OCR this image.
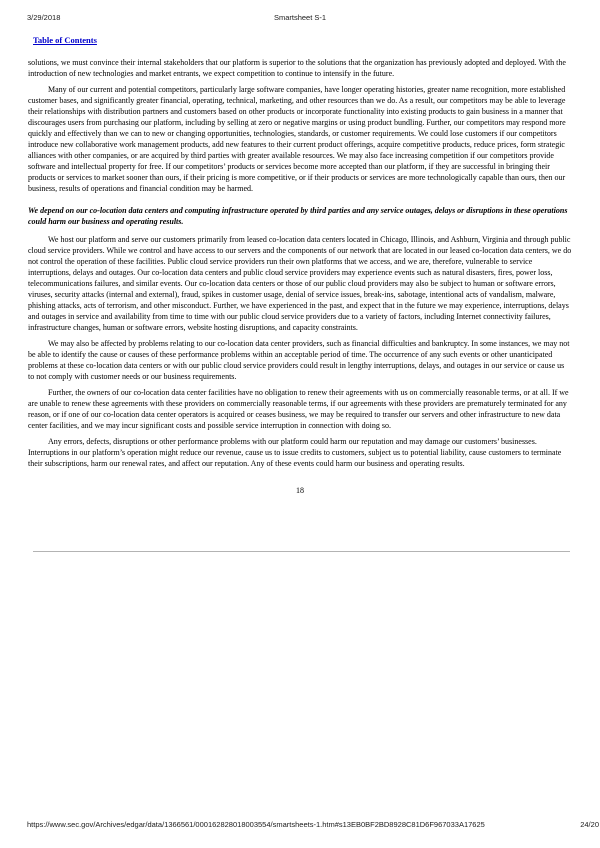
3/29/2018	Smartsheet S-1
Table of Contents

solutions, we must convince their internal stakeholders that our platform is superior to the solutions that the organization has previously adopted and deployed. With the introduction of new technologies and market entrants, we expect competition to continue to intensify in the future.

Many of our current and potential competitors, particularly large software companies, have longer operating histories, greater name recognition, more established customer bases, and significantly greater financial, operating, technical, marketing, and other resources than we do. As a result, our competitors may be able to leverage their relationships with distribution partners and customers based on other products or incorporate functionality into existing products to gain business in a manner that discourages users from purchasing our platform, including by selling at zero or negative margins or using product bundling. Further, our competitors may respond more quickly and effectively than we can to new or changing opportunities, technologies, standards, or customer requirements. We could lose customers if our competitors introduce new collaborative work management products, add new features to their current product offerings, acquire competitive products, reduce prices, form strategic alliances with other companies, or are acquired by third parties with greater available resources. We may also face increasing competition if our competitors provide software and intellectual property for free. If our competitors’ products or services become more accepted than our platform, if they are successful in bringing their products or services to market sooner than ours, if their pricing is more competitive, or if their products or services are more technologically capable than ours, then our business, results of operations and financial condition may be harmed.

We depend on our co-location data centers and computing infrastructure operated by third parties and any service outages, delays or disruptions in these operations could harm our business and operating results.

We host our platform and serve our customers primarily from leased co-location data centers located in Chicago, Illinois, and Ashburn, Virginia and through public cloud service providers. While we control and have access to our servers and the components of our network that are located in our leased co-location data centers, we do not control the operation of these facilities. Public cloud service providers run their own platforms that we access, and we are, therefore, vulnerable to service interruptions, delays and outages. Our co-location data centers and public cloud service providers may experience events such as natural disasters, fires, power loss, telecommunications failures, and similar events. Our co-location data centers or those of our public cloud providers may also be subject to human or software errors, viruses, security attacks (internal and external), fraud, spikes in customer usage, denial of service issues, break-ins, sabotage, intentional acts of vandalism, malware, phishing attacks, acts of terrorism, and other misconduct. Further, we have experienced in the past, and expect that in the future we may experience, interruptions, delays and outages in service and availability from time to time with our public cloud service providers due to a variety of factors, including Internet connectivity failures, infrastructure changes, human or software errors, website hosting disruptions, and capacity constraints.

We may also be affected by problems relating to our co-location data center providers, such as financial difficulties and bankruptcy. In some instances, we may not be able to identify the cause or causes of these performance problems within an acceptable period of time. The occurrence of any such events or other unanticipated problems at these co-location data centers or with our public cloud service providers could result in lengthy interruptions, delays, and outages in our service or cause us to not comply with customer needs or our business requirements.

Further, the owners of our co-location data center facilities have no obligation to renew their agreements with us on commercially reasonable terms, or at all. If we are unable to renew these agreements with these providers on commercially reasonable terms, if our agreements with these providers are prematurely terminated for any reason, or if one of our co-location data center operators is acquired or ceases business, we may be required to transfer our servers and other infrastructure to new data center facilities, and we may incur significant costs and possible service interruption in connection with doing so.

Any errors, defects, disruptions or other performance problems with our platform could harm our reputation and may damage our customers’ businesses. Interruptions in our platform’s operation might reduce our revenue, cause us to issue credits to customers, subject us to potential liability, cause customers to terminate their subscriptions, harm our renewal rates, and affect our reputation. Any of these events could harm our business and operating results.

18
https://www.sec.gov/Archives/edgar/data/1366561/000162828018003554/smartsheets-1.htm#s13EB0BF2BD8928C81D6F967033A17625	24/20
